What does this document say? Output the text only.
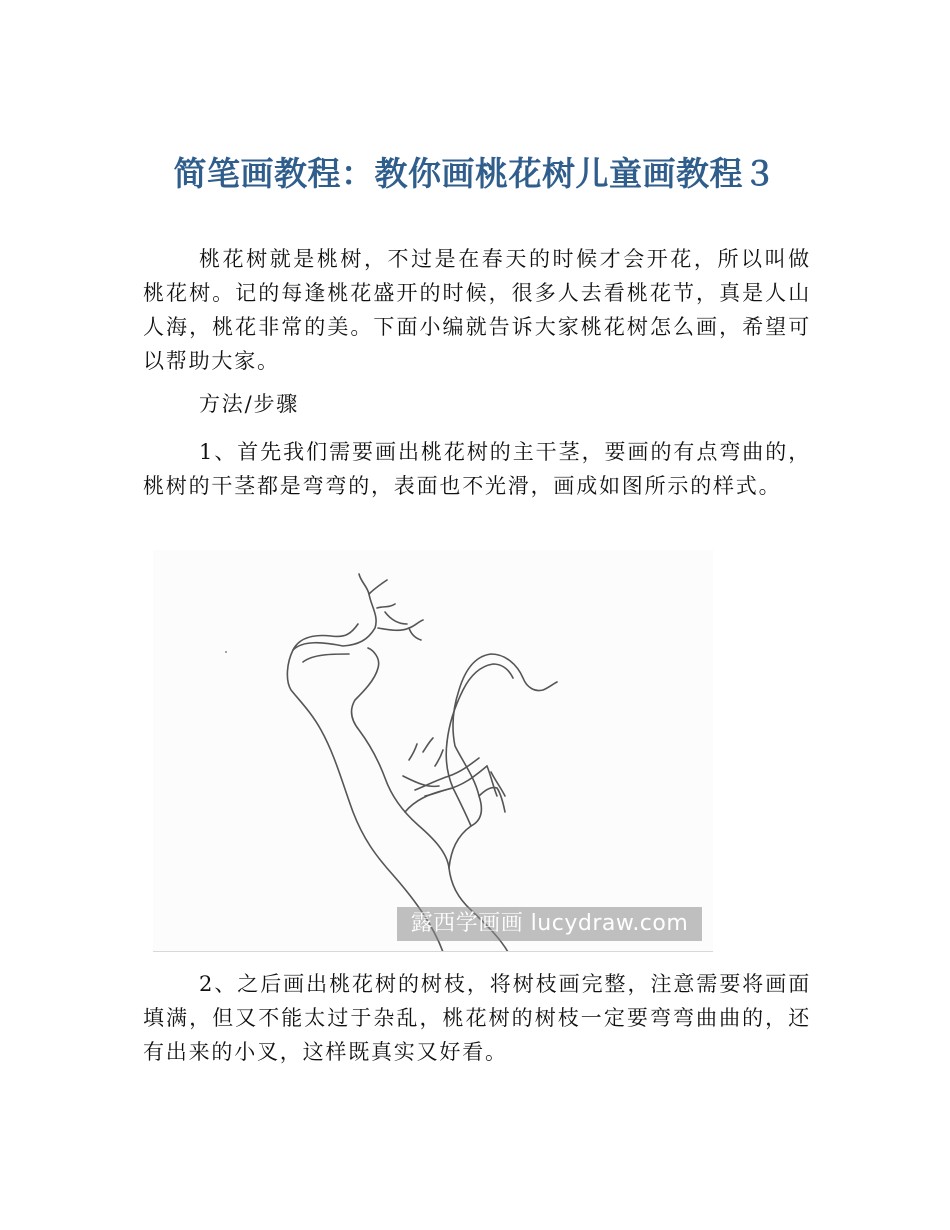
简笔画教程：教你画桃花树儿童画教程３

桃花树就是桃树，不过是在春天的时候才会开花，所以叫做桃花树。记的每逢桃花盛开的时候，很多人去看桃花节，真是人山人海，桃花非常的美。下面小编就告诉大家桃花树怎么画，希望可以帮助大家。

方法/步骤

1、首先我们需要画出桃花树的主干茎，要画的有点弯曲的，桃树的干茎都是弯弯的，表面也不光滑，画成如图所示的样式。

露西学画画 lucydraw.com

2、之后画出桃花树的树枝，将树枝画完整，注意需要将画面填满，但又不能太过于杂乱，桃花树的树枝一定要弯弯曲曲的，还有出来的小叉，这样既真实又好看。
